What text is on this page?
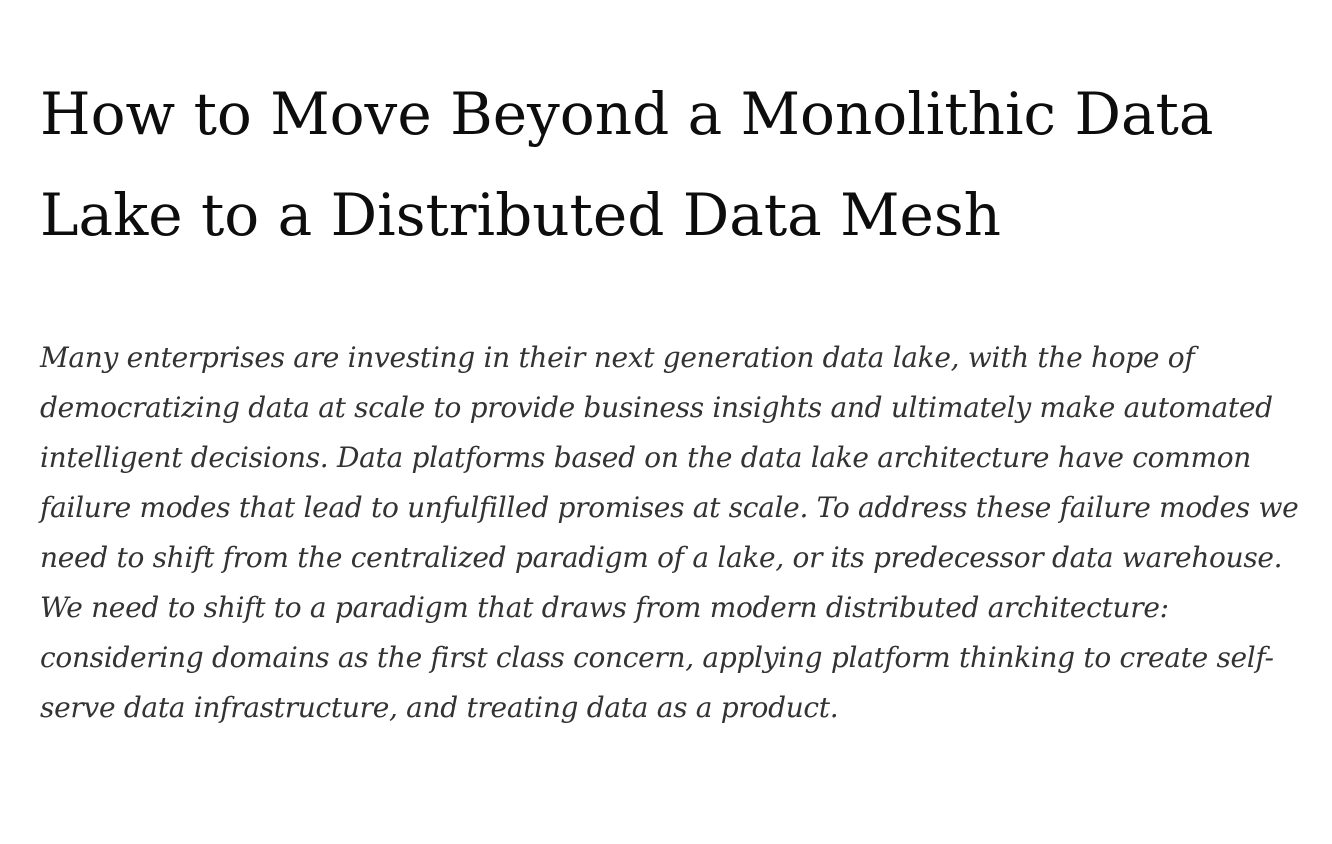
How to Move Beyond a Monolithic Data Lake to a Distributed Data Mesh

Many enterprises are investing in their next generation data lake, with the hope of democratizing data at scale to provide business insights and ultimately make automated intelligent decisions. Data platforms based on the data lake architecture have common failure modes that lead to unfulfilled promises at scale. To address these failure modes we need to shift from the centralized paradigm of a lake, or its predecessor data warehouse. We need to shift to a paradigm that draws from modern distributed architecture: considering domains as the first class concern, applying platform thinking to create self-serve data infrastructure, and treating data as a product.
